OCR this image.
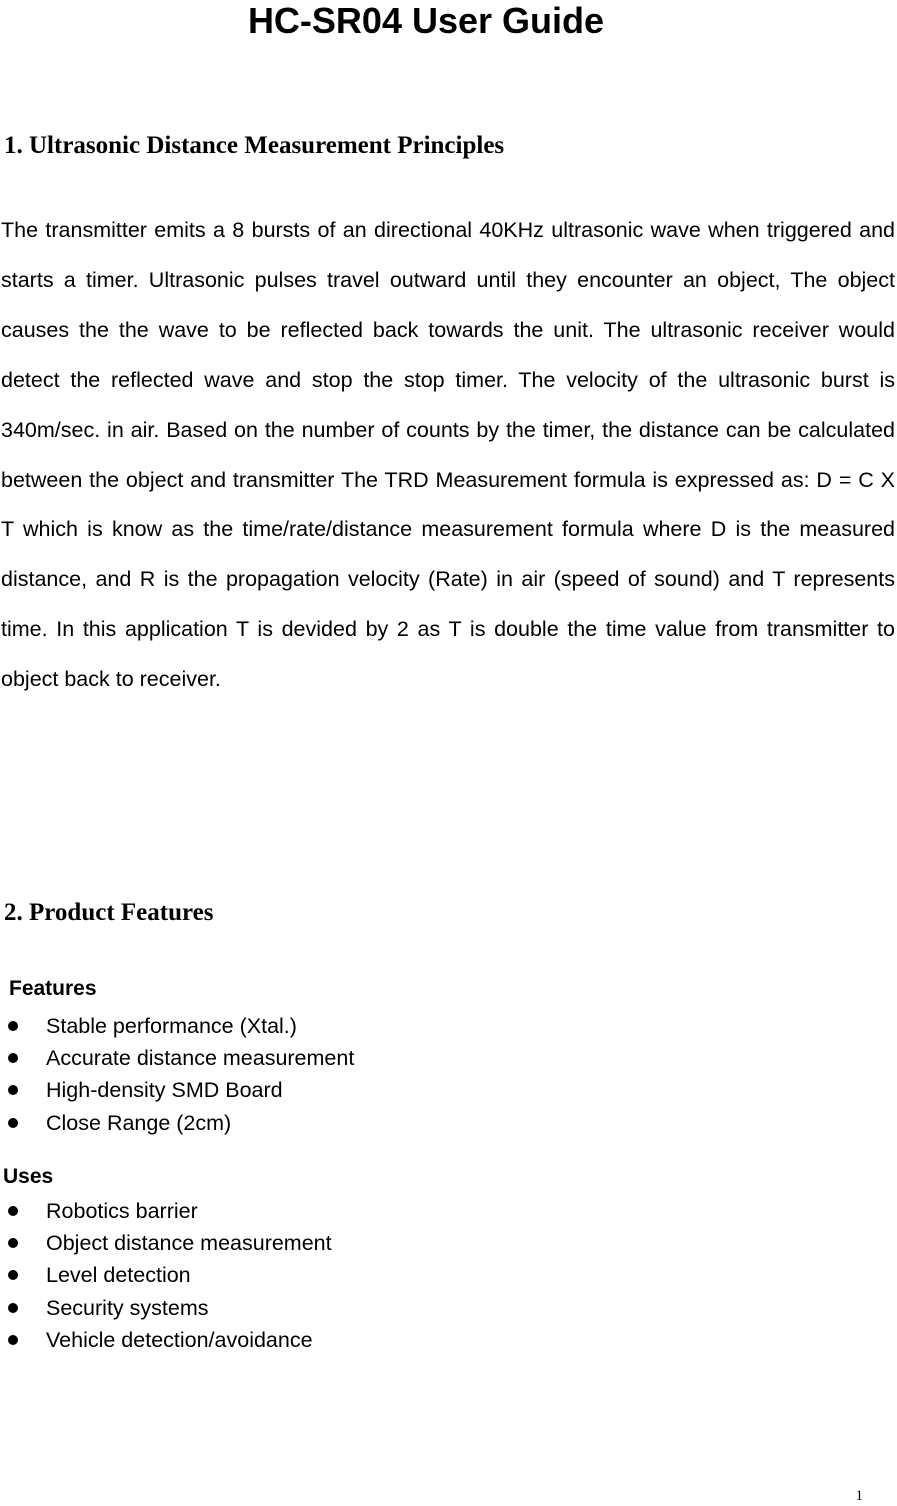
HC-SR04 User Guide
1. Ultrasonic Distance Measurement Principles

The transmitter emits a 8 bursts of an directional 40KHz ultrasonic wave when triggered and starts a timer. Ultrasonic pulses travel outward until they encounter an object, The object causes the the wave to be reflected back towards the unit. The ultrasonic receiver would detect the reflected wave and stop the stop timer. The velocity of the ultrasonic burst is 340m/sec. in air. Based on the number of counts by the timer, the distance can be calculated between the object and transmitter The TRD Measurement formula is expressed as: D = C X T which is know as the time/rate/distance measurement formula where D is the measured distance, and R is the propagation velocity (Rate) in air (speed of sound) and T represents time. In this application T is devided by 2 as T is double the time value from transmitter to object back to receiver.

2. Product Features
Features
Stable performance (Xtal.)
Accurate distance measurement
High-density SMD Board
Close Range (2cm)
Uses
Robotics barrier
Object distance measurement
Level detection
Security systems
Vehicle detection/avoidance
1
